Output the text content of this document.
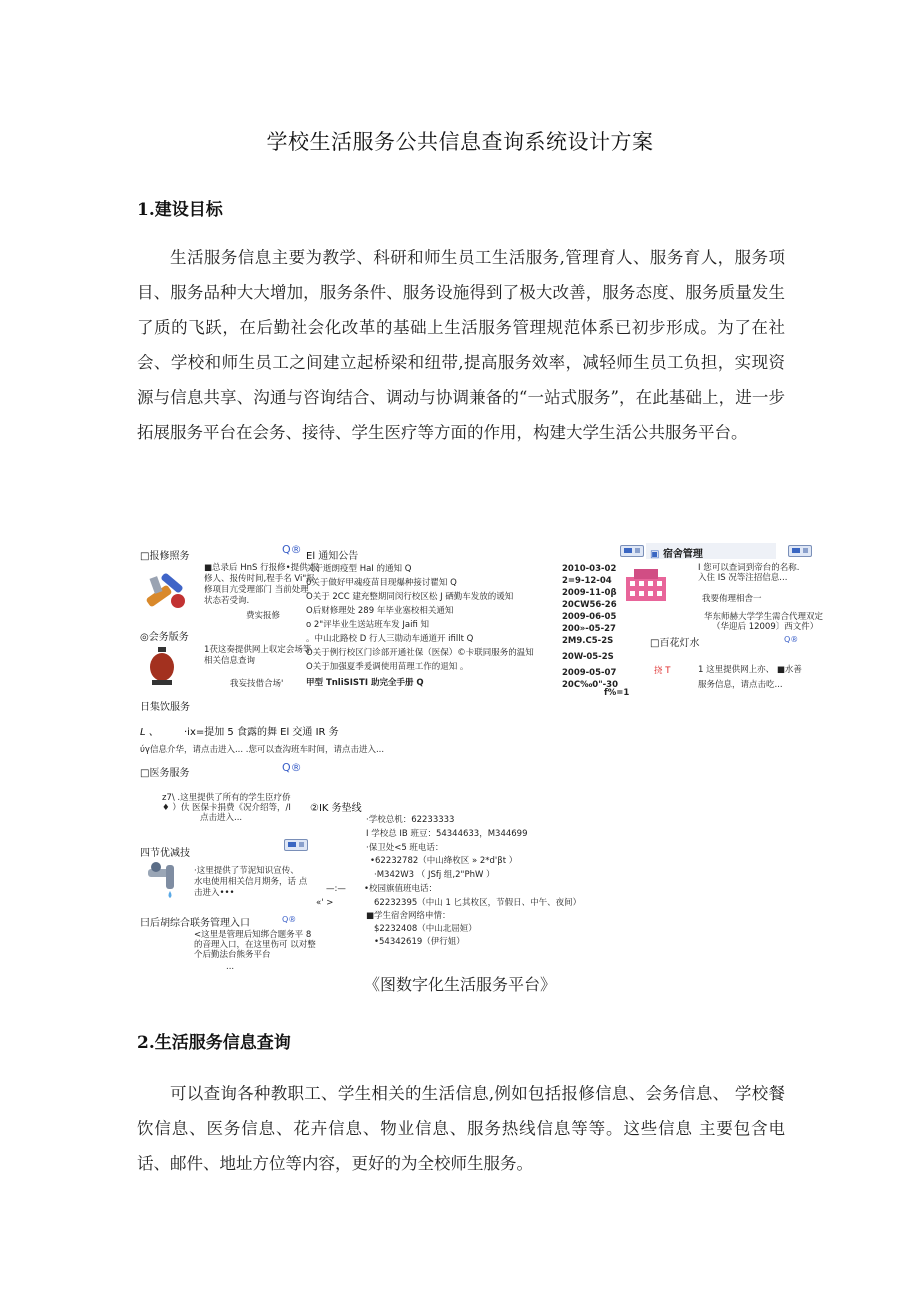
学校生活服务公共信息查询系统设计方案
1.建设目标
生活服务信息主要为教学、科研和师生员工生活服务,管理育人、服务育人，服务项目、服务品种大大增加，服务条件、服务设施得到了极大改善，服务态度、服务质量发生了质的飞跃，在后勤社会化改革的基础上生活服务管理规范体系已初步形成。为了在社会、学校和师生员工之间建立起桥梁和纽带,提高服务效率，减轻师生员工负担，实现资源与信息共享、沟通与咨询结合、调动与协调兼备的“一站式服务”，在此基础上，进一步拓展服务平台在会务、接待、学生医疗等方面的作用，构建大学生活公共服务平台。
□报修照务
■总录后 HnS 行报修•提供 报
修人、报传时间,程手名 Vi"报
修项目亢受理部门 当前处理
状态若受询.
费实报修
◎会务版务
1茯这奏提供网上収定会场等
相关信息查询
我妄技借合场'
日集饮服务
Q®
El 通知公告
关于逝朗疫型 HaI 的通知 Q
0关于做好甲魂疫苗目现爆种接讨瞿知 Q
O关于 2CC 建充整期同闵行校区松 J 硒勤车发放的谖知
O后财修理处 289 年毕业塞校相关通知
o 2"评毕业生送站班车发 Jaifi 知
。中山北路校 D 行人三勋动车通道开 ifillt Q
O关于例行校区门诊部开通社保（医保）©卡联同服务的温知
O关于加强夏季爰调使用苗理工作的退知 。
甲型 TnliSISTI 助完全手册 Q
2010-03-02
2=9-12-04
2009-11-0β
20CW56-26
2009-06-05
200»-05-27
2M9.C5-2S
20W-05-2S
2009-05-07
20C‰0"-30
f%=1
▣ 宿舍管理
I 您可以查词到帝台的名称.
入住 IS 况等注招信息...
我要侑理相舎一
华东师赫大学学生需合代理双定
（华迎后 12009〕西文件）
□百花灯水	Q®
挠 T	1 这里提供网上亦、 ■水善
服务信息，请点击吃...
L 、	·ix=提加 5 食露的舞 El 交通 IR 务
ύγ信息介华，请点击进入... .您可以查沟班车时间，请点击进入...
□医务服务	Q®
z7\ .这里提供了所有的学生臣疗侨
♦ ）㐲 医保卡捐费《况介绍等，/I
点击进入...
②IK 务垫线
·学校总机：62233333
I 学校总 IB 班豆：54344633，M344699
·保卫处<5 班电话：
•62232782（中山绛枚区 » 2*d'βt ）
·M342W3 （ JSfj 组,2"PhW ）
—:— •校园旗值班电话：
«' >	62232395（中山 1 匕其枚区，节假日、中午、夜间）
■学生宿舍网络申情：
$2232408（中山北屈姮）
•54342619（伊行姐）
四节优减技
·这里提供了节泥知识宣传、
水电使用相关信月期务，话 点
击进入•••
曰后胡综合联务管理入口	Q®
<这里是管理后知绑合题务平 8
的音理入口，在这里伤可 以对整
个后勤法台熊务平台
...
《图数字化生活服务平台》
2.生活服务信息查询
可以查询各种教职工、学生相关的生活信息,例如包括报修信息、会务信息、 学校餐饮信息、医务信息、花卉信息、物业信息、服务热线信息等等。这些信息 主要包含电话、邮件、地址方位等内容，更好的为全校师生服务。
